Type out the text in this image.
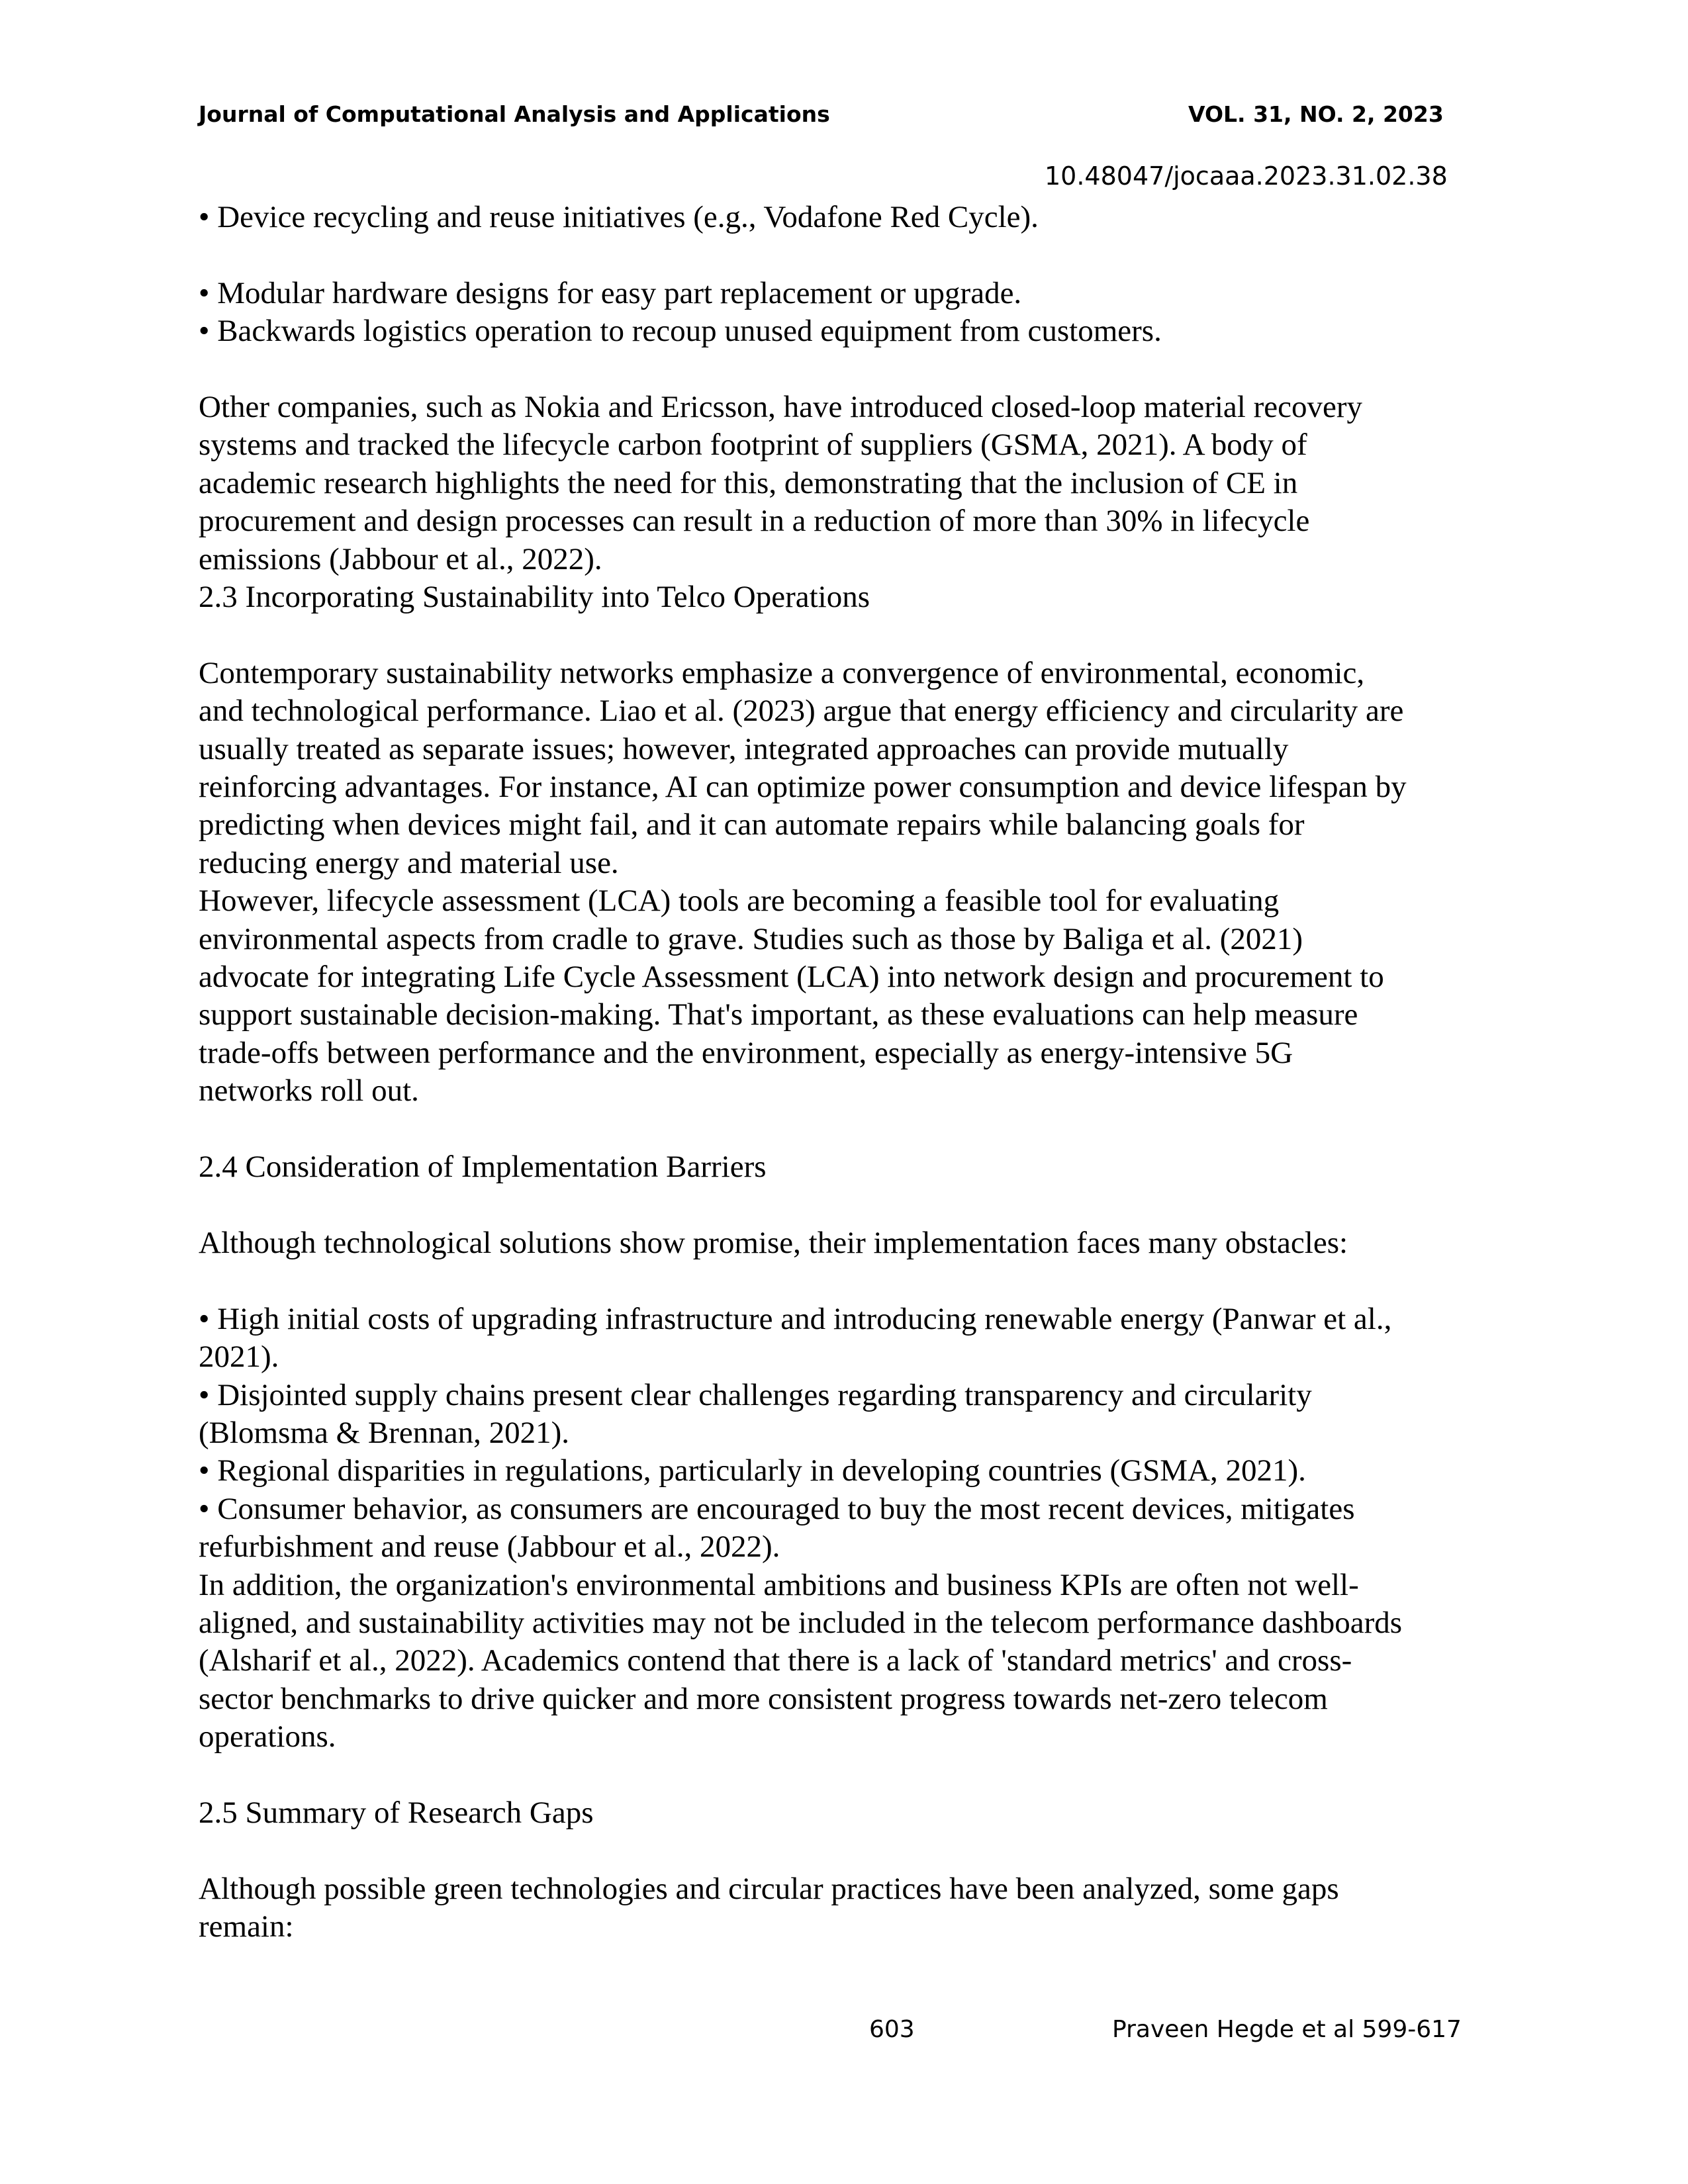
Journal of Computational Analysis and Applications	VOL. 31, NO. 2, 2023
10.48047/jocaaa.2023.31.02.38

• Device recycling and reuse initiatives (e.g., Vodafone Red Cycle).

• Modular hardware designs for easy part replacement or upgrade.
• Backwards logistics operation to recoup unused equipment from customers.

Other companies, such as Nokia and Ericsson, have introduced closed-loop material recovery
systems and tracked the lifecycle carbon footprint of suppliers (GSMA, 2021). A body of
academic research highlights the need for this, demonstrating that the inclusion of CE in
procurement and design processes can result in a reduction of more than 30% in lifecycle
emissions (Jabbour et al., 2022).

2.3 Incorporating Sustainability into Telco Operations

Contemporary sustainability networks emphasize a convergence of environmental, economic,
and technological performance. Liao et al. (2023) argue that energy efficiency and circularity are
usually treated as separate issues; however, integrated approaches can provide mutually
reinforcing advantages. For instance, AI can optimize power consumption and device lifespan by
predicting when devices might fail, and it can automate repairs while balancing goals for
reducing energy and material use.

However, lifecycle assessment (LCA) tools are becoming a feasible tool for evaluating
environmental aspects from cradle to grave. Studies such as those by Baliga et al. (2021)
advocate for integrating Life Cycle Assessment (LCA) into network design and procurement to
support sustainable decision-making. That's important, as these evaluations can help measure
trade-offs between performance and the environment, especially as energy-intensive 5G
networks roll out.

2.4 Consideration of Implementation Barriers

Although technological solutions show promise, their implementation faces many obstacles:

• High initial costs of upgrading infrastructure and introducing renewable energy (Panwar et al.,
2021).
• Disjointed supply chains present clear challenges regarding transparency and circularity
(Blomsma & Brennan, 2021).
• Regional disparities in regulations, particularly in developing countries (GSMA, 2021).
• Consumer behavior, as consumers are encouraged to buy the most recent devices, mitigates
refurbishment and reuse (Jabbour et al., 2022).

In addition, the organization's environmental ambitions and business KPIs are often not well-
aligned, and sustainability activities may not be included in the telecom performance dashboards
(Alsharif et al., 2022). Academics contend that there is a lack of 'standard metrics' and cross-
sector benchmarks to drive quicker and more consistent progress towards net-zero telecom
operations.

2.5 Summary of Research Gaps

Although possible green technologies and circular practices have been analyzed, some gaps
remain:

603	Praveen Hegde et al 599-617
